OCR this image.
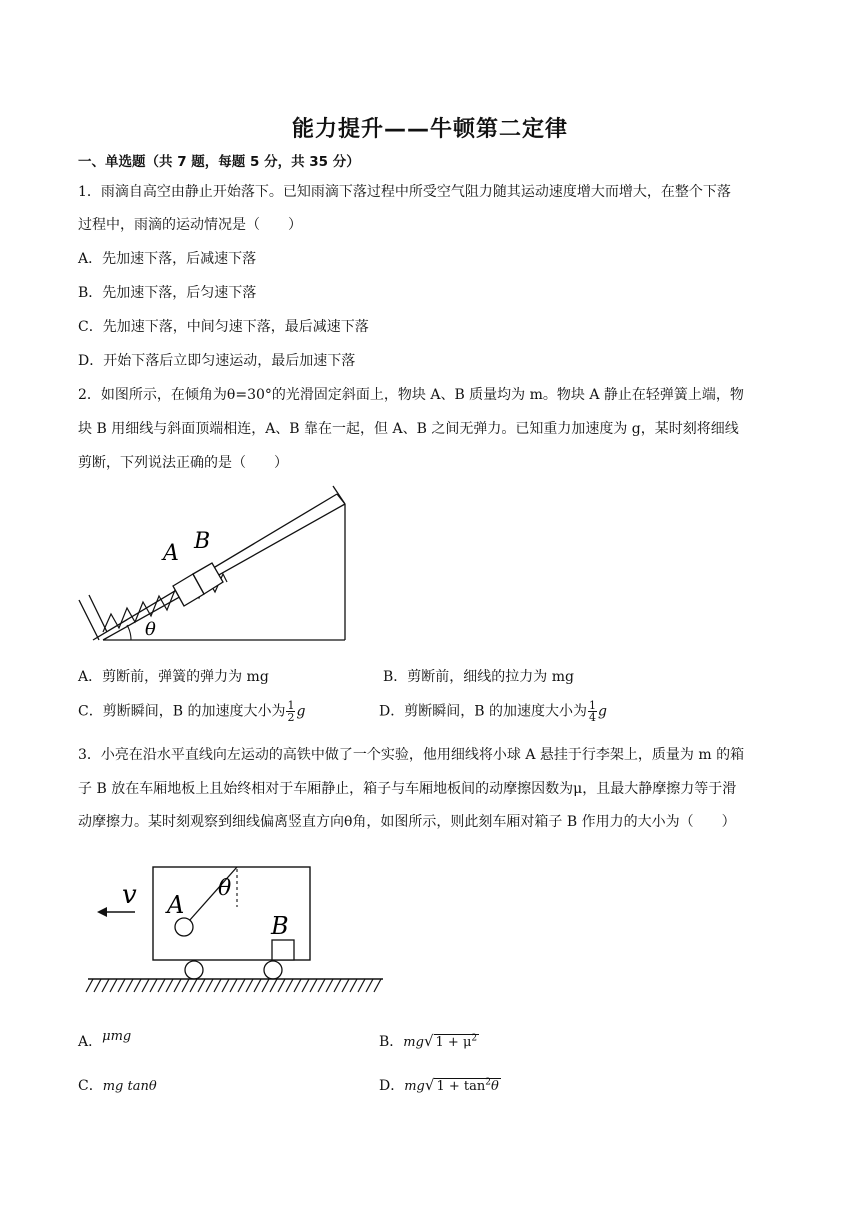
能力提升——牛顿第二定律
一、单选题（共 7 题，每题 5 分，共 35 分）
1．雨滴自高空由静止开始落下。已知雨滴下落过程中所受空气阻力随其运动速度增大而增大，在整个下落
过程中，雨滴的运动情况是（　　）
A．先加速下落，后减速下落
B．先加速下落，后匀速下落
C．先加速下落，中间匀速下落，最后减速下落
D．开始下落后立即匀速运动，最后加速下落
2．如图所示，在倾角为θ=30°的光滑固定斜面上，物块 A、B 质量均为 m。物块 A 静止在轻弹簧上端，物
块 B 用细线与斜面顶端相连，A、B 靠在一起，但 A、B 之间无弹力。已知重力加速度为 g，某时刻将细线
剪断，下列说法正确的是（　　）
A B
θ
A．剪断前，弹簧的弹力为 mg	B．剪断前，细线的拉力为 mg
C．剪断瞬间，B 的加速度大小为 $\frac{1}{2}$ g	D．剪断瞬间，B 的加速度大小为 $\frac{1}{4}$ g
3．小亮在沿水平直线向左运动的高铁中做了一个实验，他用细线将小球 A 悬挂于行李架上，质量为 m 的箱
子 B 放在车厢地板上且始终相对于车厢静止，箱子与车厢地板间的动摩擦因数为μ，且最大静摩擦力等于滑
动摩擦力。某时刻观察到细线偏离竖直方向θ角，如图所示，则此刻车厢对箱子 B 作用力的大小为（　　）
v A
θ
B
A．μmg	B．mg√ $1 + \mu^2$
C．mg tanθ	D．mg√ $1 + \tan^2\theta$
